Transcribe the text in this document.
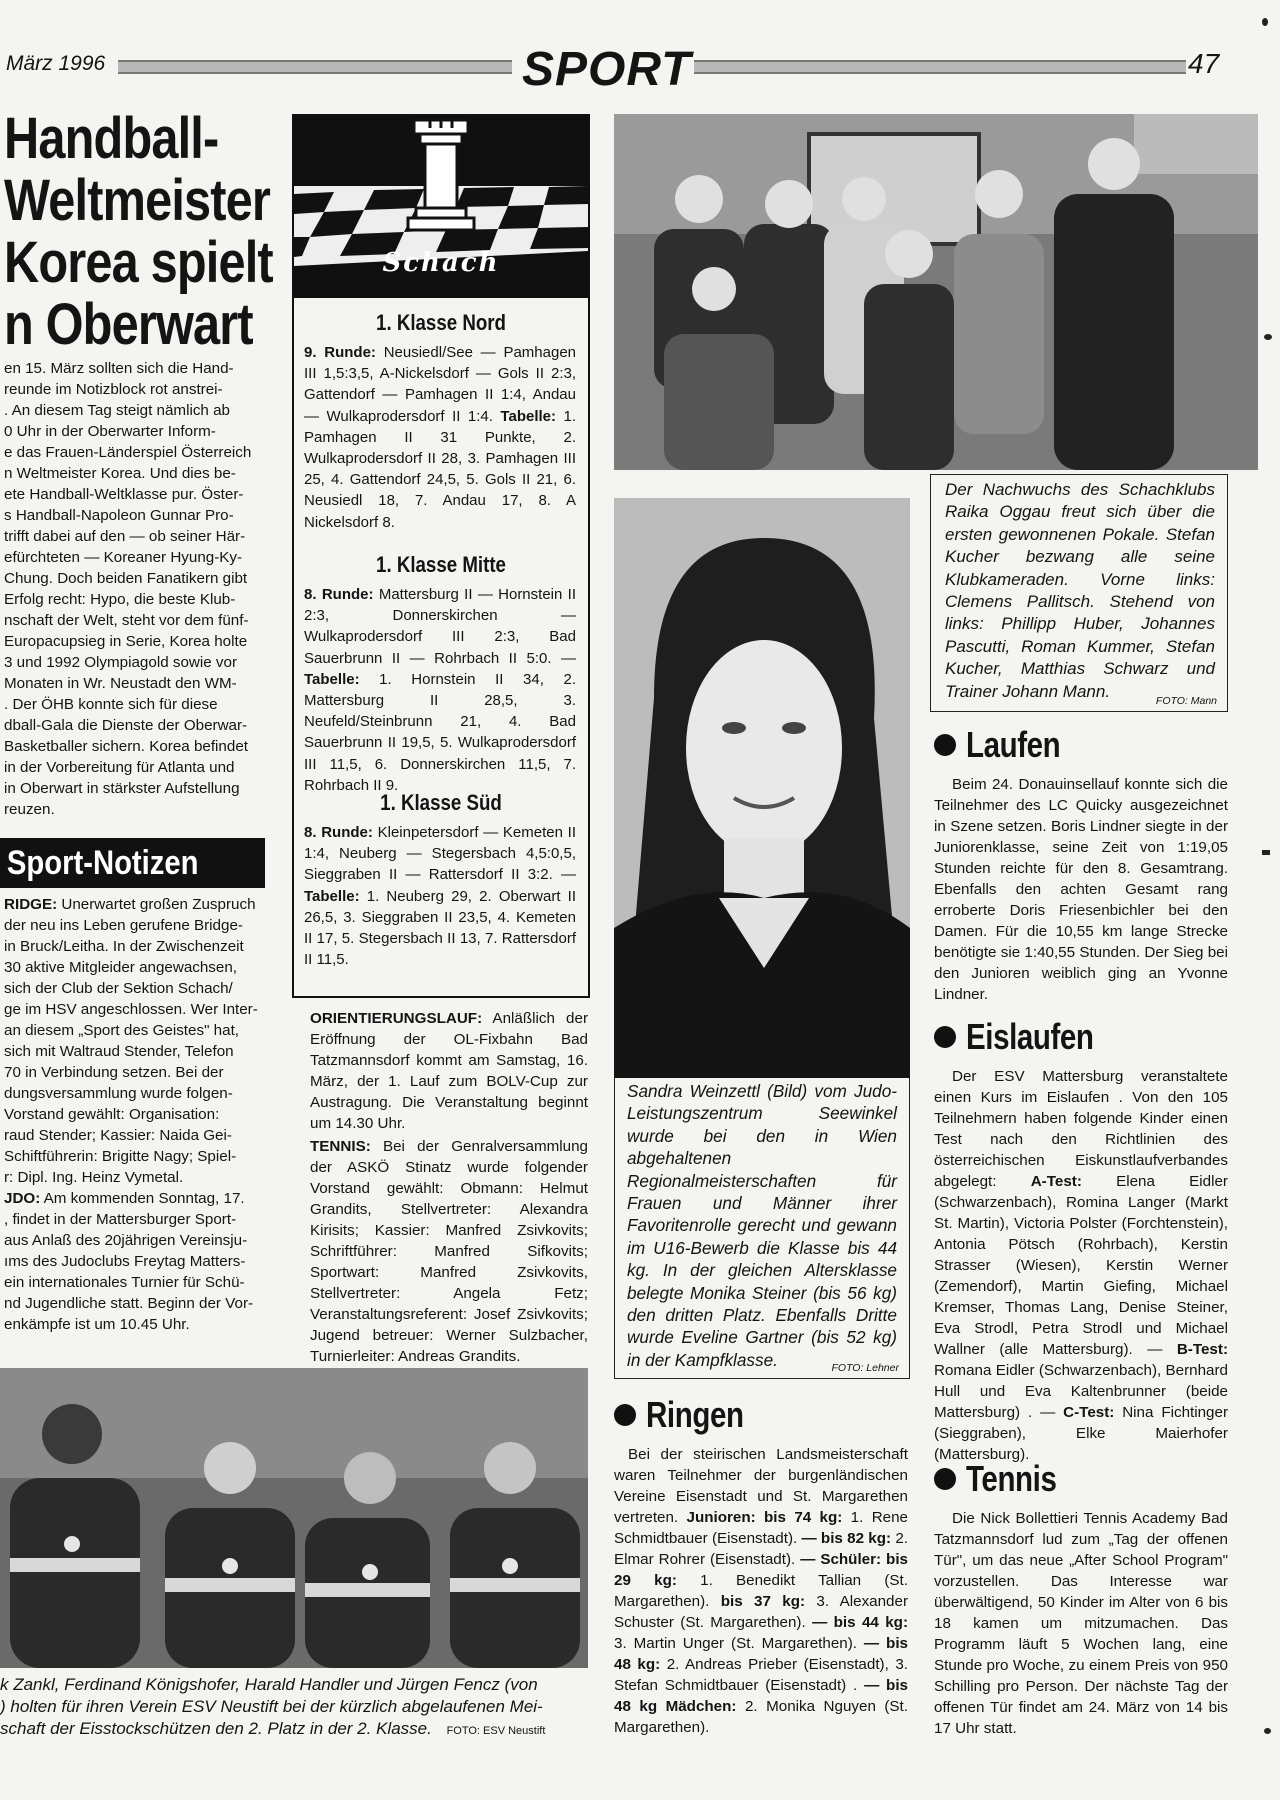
März 1996	SPORT	47
Handball-
Weltmeister
Korea spielt
n Oberwart
en 15. März sollten sich die Hand-
reunde im Notizblock rot anstrei-
. An diesem Tag steigt nämlich ab
0 Uhr in der Oberwarter Inform-
e das Frauen-Länderspiel Österreich
n Weltmeister Korea. Und dies be-
ete Handball-Weltklasse pur. Öster-
s Handball-Napoleon Gunnar Pro-
trifft dabei auf den — ob seiner Här-
efürchteten — Koreaner Hyung-Ky-
Chung. Doch beiden Fanatikern gibt
Erfolg recht: Hypo, die beste Klub-
nschaft der Welt, steht vor dem fünf-
Europacupsieg in Serie, Korea holte
3 und 1992 Olympiagold sowie vor
Monaten in Wr. Neustadt den WM-
. Der ÖHB konnte sich für diese
dball-Gala die Dienste der Oberwar-
Basketballer sichern. Korea befindet
in der Vorbereitung für Atlanta und
in Oberwart in stärkster Aufstellung
reuzen.
Sport-Notizen
RIDGE: Unerwartet großen Zuspruch
der neu ins Leben gerufene Bridge-
in Bruck/Leitha. In der Zwischenzeit
30 aktive Mitgleider angewachsen,
sich der Club der Sektion Schach/
ge im HSV angeschlossen. Wer Inter-
an diesem „Sport des Geistes" hat,
sich mit Waltraud Stender, Telefon
70 in Verbindung setzen. Bei der
dungsversammlung wurde folgen-
Vorstand gewählt: Organisation:
raud Stender; Kassier: Naida Gei-
Schiftführerin: Brigitte Nagy; Spiel-
r: Dipl. Ing. Heinz Vymetal.
JDO: Am kommenden Sonntag, 17.
, findet in der Mattersburger Sport-
aus Anlaß des 20jährigen Vereinsju-
ıms des Judoclubs Freytag Matters-
ein internationales Turnier für Schü-
nd Jugendliche statt. Beginn der Vor-
enkämpfe ist um 10.45 Uhr.
Schach
1. Klasse Nord
9. Runde: Neusiedl/See — Pamhagen III 1,5:3,5, A-Nickelsdorf — Gols II 2:3, Gattendorf — Pamhagen II 1:4, Andau — Wulkaprodersdorf II 1:4. Tabelle: 1. Pamhagen II 31 Punkte, 2. Wulkaprodersdorf II 28, 3. Pamhagen III 25, 4. Gattendorf 24,5, 5. Gols II 21, 6. Neusiedl 18, 7. Andau 17, 8. A Nickelsdorf 8.
1. Klasse Mitte
8. Runde: Mattersburg II — Hornstein II 2:3, Donnerskirchen — Wulkaprodersdorf III 2:3, Bad Sauerbrunn II — Rohrbach II 5:0. — Tabelle: 1. Hornstein II 34, 2. Mattersburg II 28,5, 3. Neufeld/Steinbrunn 21, 4. Bad Sauerbrunn II 19,5, 5. Wulkaprodersdorf III 11,5, 6. Donnerskirchen 11,5, 7. Rohrbach II 9.
1. Klasse Süd
8. Runde: Kleinpetersdorf — Kemeten II 1:4, Neuberg — Stegersbach 4,5:0,5, Sieggraben II — Rattersdorf II 3:2. — Tabelle: 1. Neuberg 29, 2. Oberwart II 26,5, 3. Sieggraben II 23,5, 4. Kemeten II 17, 5. Stegersbach II 13, 7. Rattersdorf II 11,5.
ORIENTIERUNGSLAUF: Anläßlich der Eröffnung der OL-Fixbahn Bad Tatzmannsdorf kommt am Samstag, 16. März, der 1. Lauf zum BOLV-Cup zur Austragung. Die Veranstaltung beginnt um 14.30 Uhr.
TENNIS: Bei der Genralversammlung der ASKÖ Stinatz wurde folgender Vorstand gewählt: Obmann: Helmut Grandits, Stellvertreter: Alexandra Kirisits; Kassier: Manfred Zsivkovits; Schriftführer: Manfred Sifkovits; Sportwart: Manfred Zsivkovits, Stellvertreter: Angela Fetz; Veranstaltungsreferent: Josef Zsivkovits; Jugend betreuer: Werner Sulzbacher, Turnierleiter: Andreas Grandits.
k Zankl, Ferdinand Königshofer, Harald Handler und Jürgen Fencz (von
) holten für ihren Verein ESV Neustift bei der kürzlich abgelaufenen Mei-
schaft der Eisstockschützen den 2. Platz in der 2. Klasse. FOTO: ESV Neustift
Der Nachwuchs des Schachklubs Raika Oggau freut sich über die ersten gewonnenen Pokale. Stefan Kucher bezwang alle seine Klubkameraden. Vorne links: Clemens Pallitsch. Stehend von links: Phillipp Huber, Johannes Pascutti, Roman Kummer, Stefan Kucher, Matthias Schwarz und Trainer Johann Mann.
FOTO: Mann
Sandra Weinzettl (Bild) vom Judo-Leistungszentrum Seewinkel wurde bei den in Wien abgehaltenen Regionalmeisterschaften für Frauen und Männer ihrer Favoritenrolle gerecht und gewann im U16-Bewerb die Klasse bis 44 kg. In der gleichen Altersklasse belegte Monika Steiner (bis 56 kg) den dritten Platz. Ebenfalls Dritte wurde Eveline Gartner (bis 52 kg) in der Kampfklasse.	FOTO: Lehner
Ringen
Bei der steirischen Landsmeisterschaft waren Teilnehmer der burgenländischen Vereine Eisenstadt und St. Margarethen vertreten. Junioren: bis 74 kg: 1. Rene Schmidtbauer (Eisenstadt). — bis 82 kg: 2. Elmar Rohrer (Eisenstadt). — Schüler: bis 29 kg: 1. Benedikt Tallian (St. Margarethen). bis 37 kg: 3. Alexander Schuster (St. Margarethen). — bis 44 kg: 3. Martin Unger (St. Margarethen). — bis 48 kg: 2. Andreas Prieber (Eisenstadt), 3. Stefan Schmidtbauer (Eisenstadt) . — bis 48 kg Mädchen: 2. Monika Nguyen (St. Margarethen).
Laufen
Beim 24. Donauinsellauf konnte sich die Teilnehmer des LC Quicky ausgezeichnet in Szene setzen. Boris Lindner siegte in der Juniorenklasse, seine Zeit von 1:19,05 Stunden reichte für den 8. Gesamtrang. Ebenfalls den achten Gesamt rang erroberte Doris Friesenbichler bei den Damen. Für die 10,55 km lange Strecke benötigte sie 1:40,55 Stunden. Der Sieg bei den Junioren weiblich ging an Yvonne Lindner.
Eislaufen
Der ESV Mattersburg veranstaltete einen Kurs im Eislaufen . Von den 105 Teilnehmern haben folgende Kinder einen Test nach den Richtlinien des österreichischen Eiskunstlaufverbandes abgelegt: A-Test: Elena Eidler (Schwarzenbach), Romina Langer (Markt St. Martin), Victoria Polster (Forchtenstein), Antonia Pötsch (Rohrbach), Kerstin Strasser (Wiesen), Kerstin Werner (Zemendorf), Martin Giefing, Michael Kremser, Thomas Lang, Denise Steiner, Eva Strodl, Petra Strodl und Michael Wallner (alle Mattersburg). — B-Test: Romana Eidler (Schwarzenbach), Bernhard Hull und Eva Kaltenbrunner (beide Mattersburg) . — C-Test: Nina Fichtinger (Sieggraben), Elke Maierhofer (Mattersburg).
Tennis
Die Nick Bollettieri Tennis Academy Bad Tatzmannsdorf lud zum „Tag der offenen Tür", um das neue „After School Program" vorzustellen. Das Interesse war überwältigend, 50 Kinder im Alter von 6 bis 18 kamen um mitzumachen. Das Programm läuft 5 Wochen lang, eine Stunde pro Woche, zu einem Preis von 950 Schilling pro Person. Der nächste Tag der offenen Tür findet am 24. März von 14 bis 17 Uhr statt.
